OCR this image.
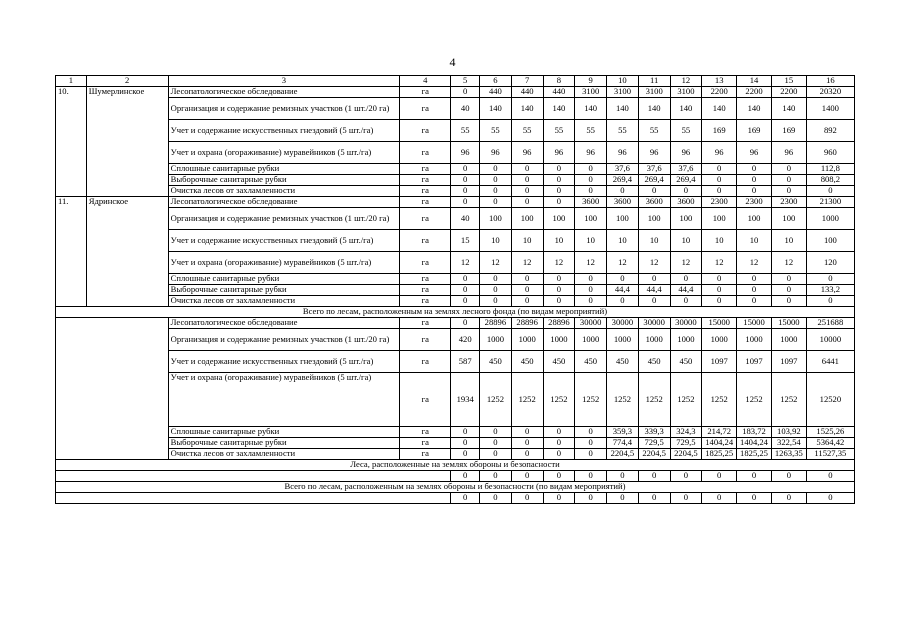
4
1	2	3	4	5	6	7	8	9	10	11	12	13	14	15	16
10.	Шумерлинское	Лесопатологическое обследование	га	0	440	440	440	3100	3100	3100	3100	2200	2200	2200	20320
		Организация и содержание ремизных участков (1 шт./20 га)	га	40	140	140	140	140	140	140	140	140	140	140	1400
		Учет и содержание искусственных гнездовий (5 шт./га)	га	55	55	55	55	55	55	55	55	169	169	169	892
		Учет и охрана (огораживание) муравейников (5 шт./га)	га	96	96	96	96	96	96	96	96	96	96	96	960
		Сплошные санитарные рубки	га	0	0	0	0	0	37,6	37,6	37,6	0	0	0	112,8
		Выборочные санитарные рубки	га	0	0	0	0	0	269,4	269,4	269,4	0	0	0	808,2
		Очистка лесов от захламленности	га	0	0	0	0	0	0	0	0	0	0	0	0
11.	Ядринское	Лесопатологическое обследование	га	0	0	0	0	3600	3600	3600	3600	2300	2300	2300	21300
		Организация и содержание ремизных участков (1 шт./20 га)	га	40	100	100	100	100	100	100	100	100	100	100	1000
		Учет и содержание искусственных гнездовий (5 шт./га)	га	15	10	10	10	10	10	10	10	10	10	10	100
		Учет и охрана (огораживание) муравейников (5 шт./га)	га	12	12	12	12	12	12	12	12	12	12	12	120
		Сплошные санитарные рубки	га	0	0	0	0	0	0	0	0	0	0	0	0
		Выборочные санитарные рубки	га	0	0	0	0	0	44,4	44,4	44,4	0	0	0	133,2
		Очистка лесов от захламленности	га	0	0	0	0	0	0	0	0	0	0	0	0
Всего по лесам, расположенным на землях лесного фонда (по видам мероприятий)															
		Лесопатологическое обследование	га	0	28896	28896	28896	30000	30000	30000	30000	15000	15000	15000	251688
		Организация и содержание ремизных участков (1 шт./20 га)	га	420	1000	1000	1000	1000	1000	1000	1000	1000	1000	1000	10000
		Учет и содержание искусственных гнездовий (5 шт./га)	га	587	450	450	450	450	450	450	450	1097	1097	1097	6441
		Учет и охрана (огораживание) муравейников (5 шт./га)	га	1934	1252	1252	1252	1252	1252	1252	1252	1252	1252	1252	12520
		Сплошные санитарные рубки	га	0	0	0	0	0	359,3	339,3	324,3	214,72	183,72	103,92	1525,26
		Выборочные санитарные рубки	га	0	0	0	0	0	774,4	729,5	729,5	1404,24	1404,24	322,54	5364,42
		Очистка лесов от захламленности	га	0	0	0	0	0	2204,5	2204,5	2204,5	1825,25	1825,25	1263,35	11527,35
Леса, расположенные на землях обороны и безопасности															
				0	0	0	0	0	0	0	0	0	0	0	0
Всего по лесам, расположенным на землях обороны и безопасности (по видам мероприятий)															
				0	0	0	0	0	0	0	0	0	0	0	0
